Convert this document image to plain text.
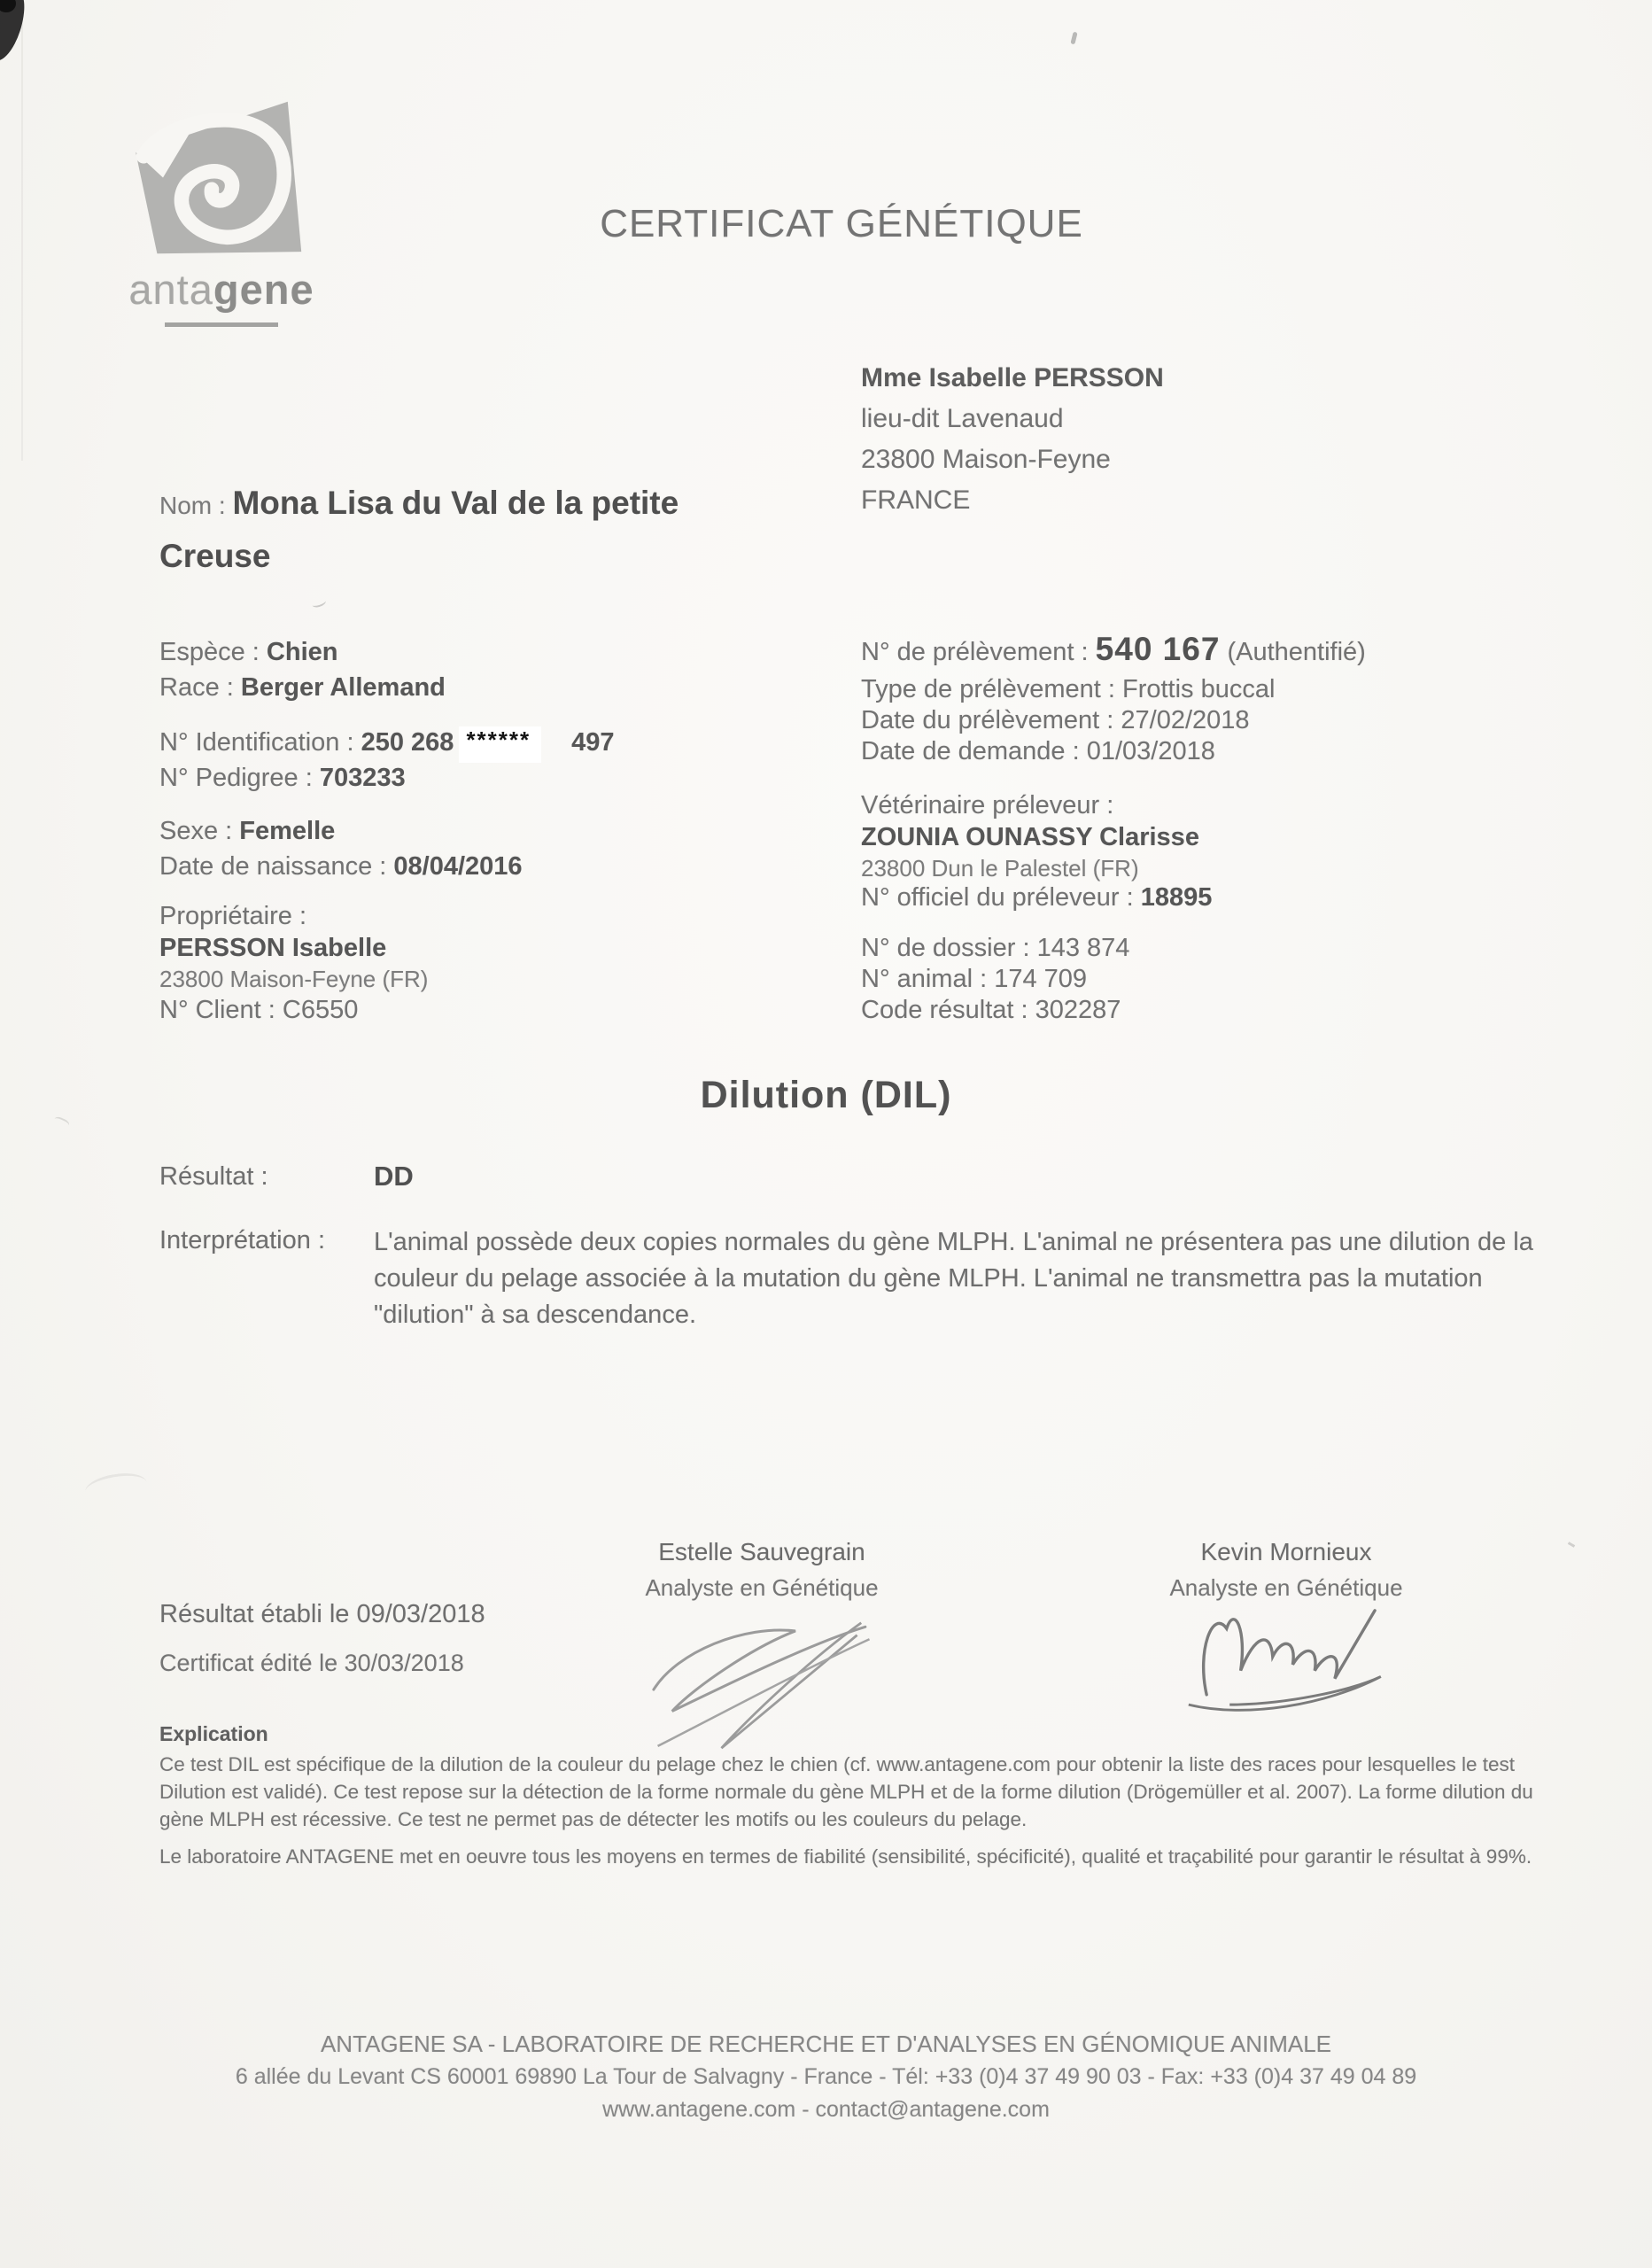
antagene
CERTIFICAT GÉNÉTIQUE
Mme Isabelle PERSSON
lieu-dit Lavenaud
23800 Maison-Feyne
FRANCE
Nom : Mona Lisa du Val de la petite Creuse
Espèce : Chien
Race : Berger Allemand
N° Identification : 250 268 ****** 497
N° Pedigree : 703233
Sexe : Femelle
Date de naissance : 08/04/2016
Propriétaire :
PERSSON Isabelle
23800 Maison-Feyne (FR)
N° Client : C6550
N° de prélèvement : 540 167 (Authentifié)
Type de prélèvement : Frottis buccal
Date du prélèvement : 27/02/2018
Date de demande : 01/03/2018
Vétérinaire préleveur :
ZOUNIA OUNASSY Clarisse
23800 Dun le Palestel (FR)
N° officiel du préleveur : 18895
N° de dossier : 143 874
N° animal : 174 709
Code résultat : 302287
Dilution (DIL)
Résultat :	DD
Interprétation : L'animal possède deux copies normales du gène MLPH. L'animal ne présentera pas une dilution de la couleur du pelage associée à la mutation du gène MLPH. L'animal ne transmettra pas la mutation "dilution" à sa descendance.
Estelle Sauvegrain
Analyste en Génétique
Kevin Mornieux
Analyste en Génétique
Résultat établi le 09/03/2018
Certificat édité le 30/03/2018
Explication
Ce test DIL est spécifique de la dilution de la couleur du pelage chez le chien (cf. www.antagene.com pour obtenir la liste des races pour lesquelles le test Dilution est validé). Ce test repose sur la détection de la forme normale du gène MLPH et de la forme dilution (Drögemüller et al. 2007). La forme dilution du gène MLPH est récessive. Ce test ne permet pas de détecter les motifs ou les couleurs du pelage.
Le laboratoire ANTAGENE met en oeuvre tous les moyens en termes de fiabilité (sensibilité, spécificité), qualité et traçabilité pour garantir le résultat à 99%.
ANTAGENE SA - LABORATOIRE DE RECHERCHE ET D'ANALYSES EN GÉNOMIQUE ANIMALE
6 allée du Levant CS 60001 69890 La Tour de Salvagny - France - Tél: +33 (0)4 37 49 90 03 - Fax: +33 (0)4 37 49 04 89
www.antagene.com - contact@antagene.com
